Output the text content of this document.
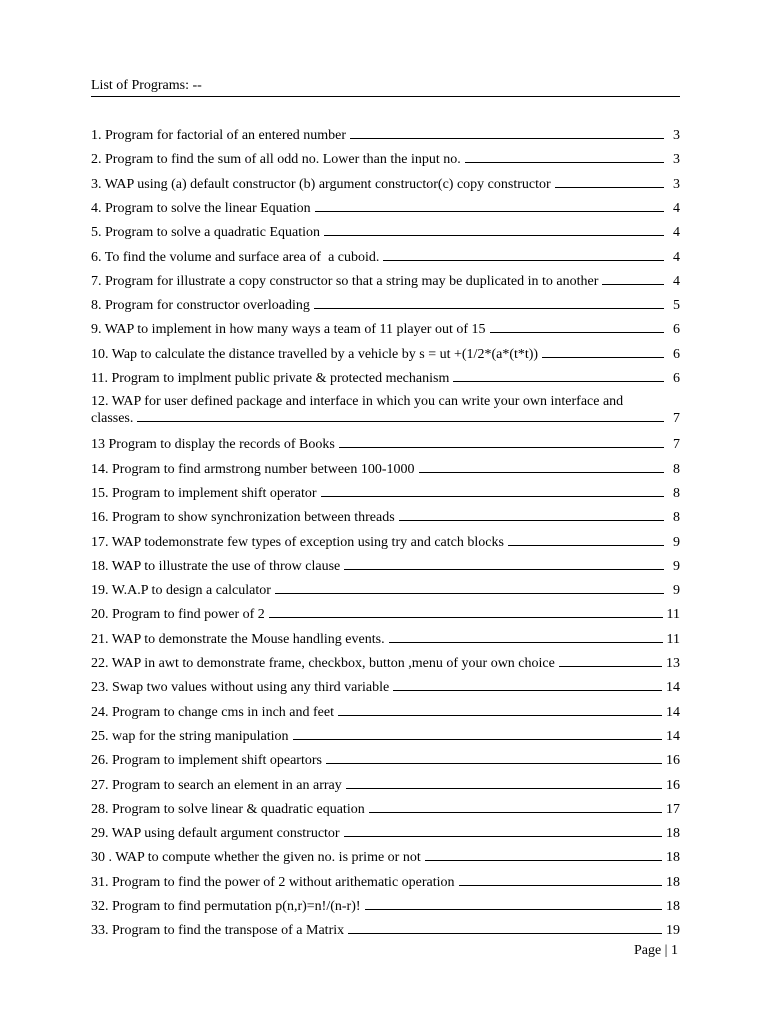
List of Programs: --
1. Program for factorial of an entered number	3
2. Program to find the sum of all odd no. Lower than the input no.	3
3. WAP using (a) default constructor (b) argument constructor(c) copy constructor	3
4. Program to solve the linear Equation	4
5. Program to solve a quadratic Equation	4
6. To find the volume and surface area of  a cuboid.	4
7. Program for illustrate a copy constructor so that a string may be duplicated in to another	4
8. Program for constructor overloading	5
9. WAP to implement in how many ways a team of 11 player out of 15	6
10. Wap to calculate the distance travelled by a vehicle by s = ut +(1/2*(a*(t*t))	6
11. Program to implment public private & protected mechanism	6
12. WAP for user defined package and interface in which you can write your own interface and
classes.	7
13 Program to display the records of Books	7
14. Program to find armstrong number between 100-1000	8
15. Program to implement shift operator	8
16. Program to show synchronization between threads	8
17. WAP todemonstrate few types of exception using try and catch blocks	9
18. WAP to illustrate the use of throw clause	9
19. W.A.P to design a calculator	9
20. Program to find power of 2	11
21. WAP to demonstrate the Mouse handling events.	11
22. WAP in awt to demonstrate frame, checkbox, button ,menu of your own choice	13
23. Swap two values without using any third variable	14
24. Program to change cms in inch and feet	14
25. wap for the string manipulation	14
26. Program to implement shift opeartors	16
27. Program to search an element in an array	16
28. Program to solve linear & quadratic equation	17
29. WAP using default argument constructor	18
30 . WAP to compute whether the given no. is prime or not	18
31. Program to find the power of 2 without arithematic operation	18
32. Program to find permutation p(n,r)=n!/(n-r)!	18
33. Program to find the transpose of a Matrix	19
Page | 1
